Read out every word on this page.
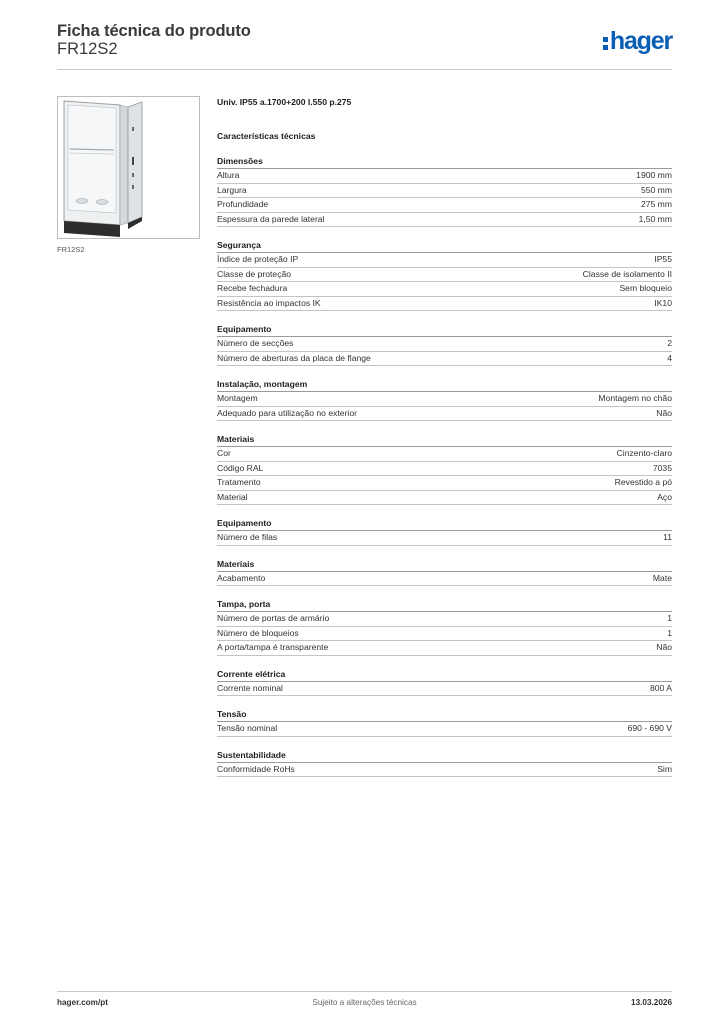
Ficha técnica do produto
FR12S2	hager
FR12S2
Univ. IP55 a.1700+200 l.550 p.275
Características técnicas
Dimensões
Altura	1900 mm
Largura	550 mm
Profundidade	275 mm
Espessura da parede lateral	1,50 mm
Segurança
Índice de proteção IP	IP55
Classe de proteção	Classe de isolamento II
Recebe fechadura	Sem bloqueio
Resistência ao impactos IK	IK10
Equipamento
Número de secções	2
Número de aberturas da placa de flange	4
Instalação, montagem
Montagem	Montagem no chão
Adequado para utilização no exterior	Não
Materiais
Cor	Cinzento-claro
Código RAL	7035
Tratamento	Revestido a pó
Material	Aço
Equipamento
Número de filas	11
Materiais
Acabamento	Mate
Tampa, porta
Número de portas de armário	1
Número de bloqueios	1
A porta/tampa é transparente	Não
Corrente elétrica
Corrente nominal	800 A
Tensão
Tensão nominal	690 - 690 V
Sustentabilidade
Conformidade RoHs	Sim
hager.com/pt	Sujeito a alterações técnicas	13.03.2026
